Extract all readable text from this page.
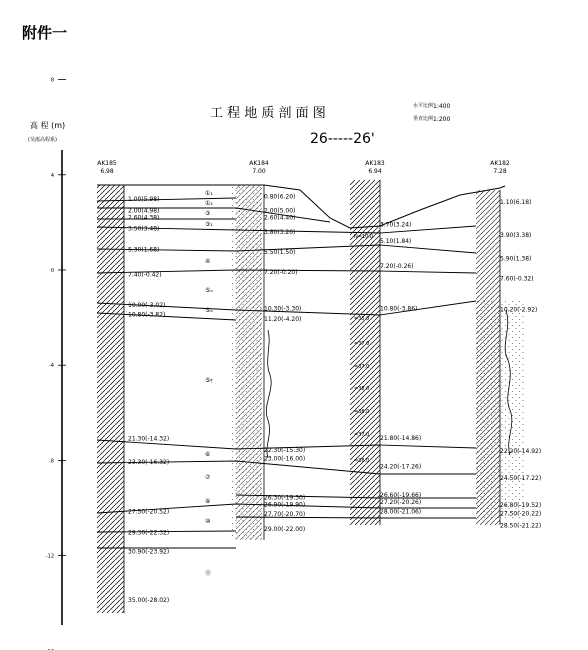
附件一
工 程 地 质 剖 面 图
26-----26'
水平比例 1:400
垂直比例 1:200
高 程 (m)
(吴淞高程系)
8
4
0
-4
-8
-12
AK185
6.98
AK184
7.00
AK183
6.94
AK182
7.28
1.00(5.98)
2.00(4.98)
2.60(4.38)
3.50(3.48)
5.30(1.68)
7.40(-0.42)
10.00(-3.02)
10.80(-3.82)
21.30(-14.32)
23.30(-16.32)
27.50(-20.52)
29.30(-22.32)
30.90(-23.92)
35.00(-28.02)
0.80(6.20)
2.00(5.00)
2.60(4.40)
3.80(3.20)
5.50(1.50)
7.20(-0.20)
10.30(-3.30)
11.20(-4.20)
22.30(-15.30)
23.00(-16.00)
26.30(-19.30)
26.90(-19.90)
27.70(-20.70)
29.00(-22.00)
3.70(3.24)
5.10(1.84)
7.20(-0.26)
10.80(-3.86)
21.80(-14.86)
24.20(-17.26)
26.60(-19.66)
27.20(-20.26)
28.00(-21.06)
1.10(6.18)
3.90(3.38)
5.90(1.38)
7.60(-0.32)
10.20(-2.92)
22.20(-14.92)
24.50(-17.22)
26.80(-19.52)
27.50(-20.22)
28.50(-21.22)
N=10.0
=35.0
=37.0
=37.0
=38.0
=38.0
=37.0
=38.0
①₁
①₂
③
③₁
④
⑤ₐ
⑤ₐ
⑤ⲋ
⑥
⑦
⑧
⑩
⑪
